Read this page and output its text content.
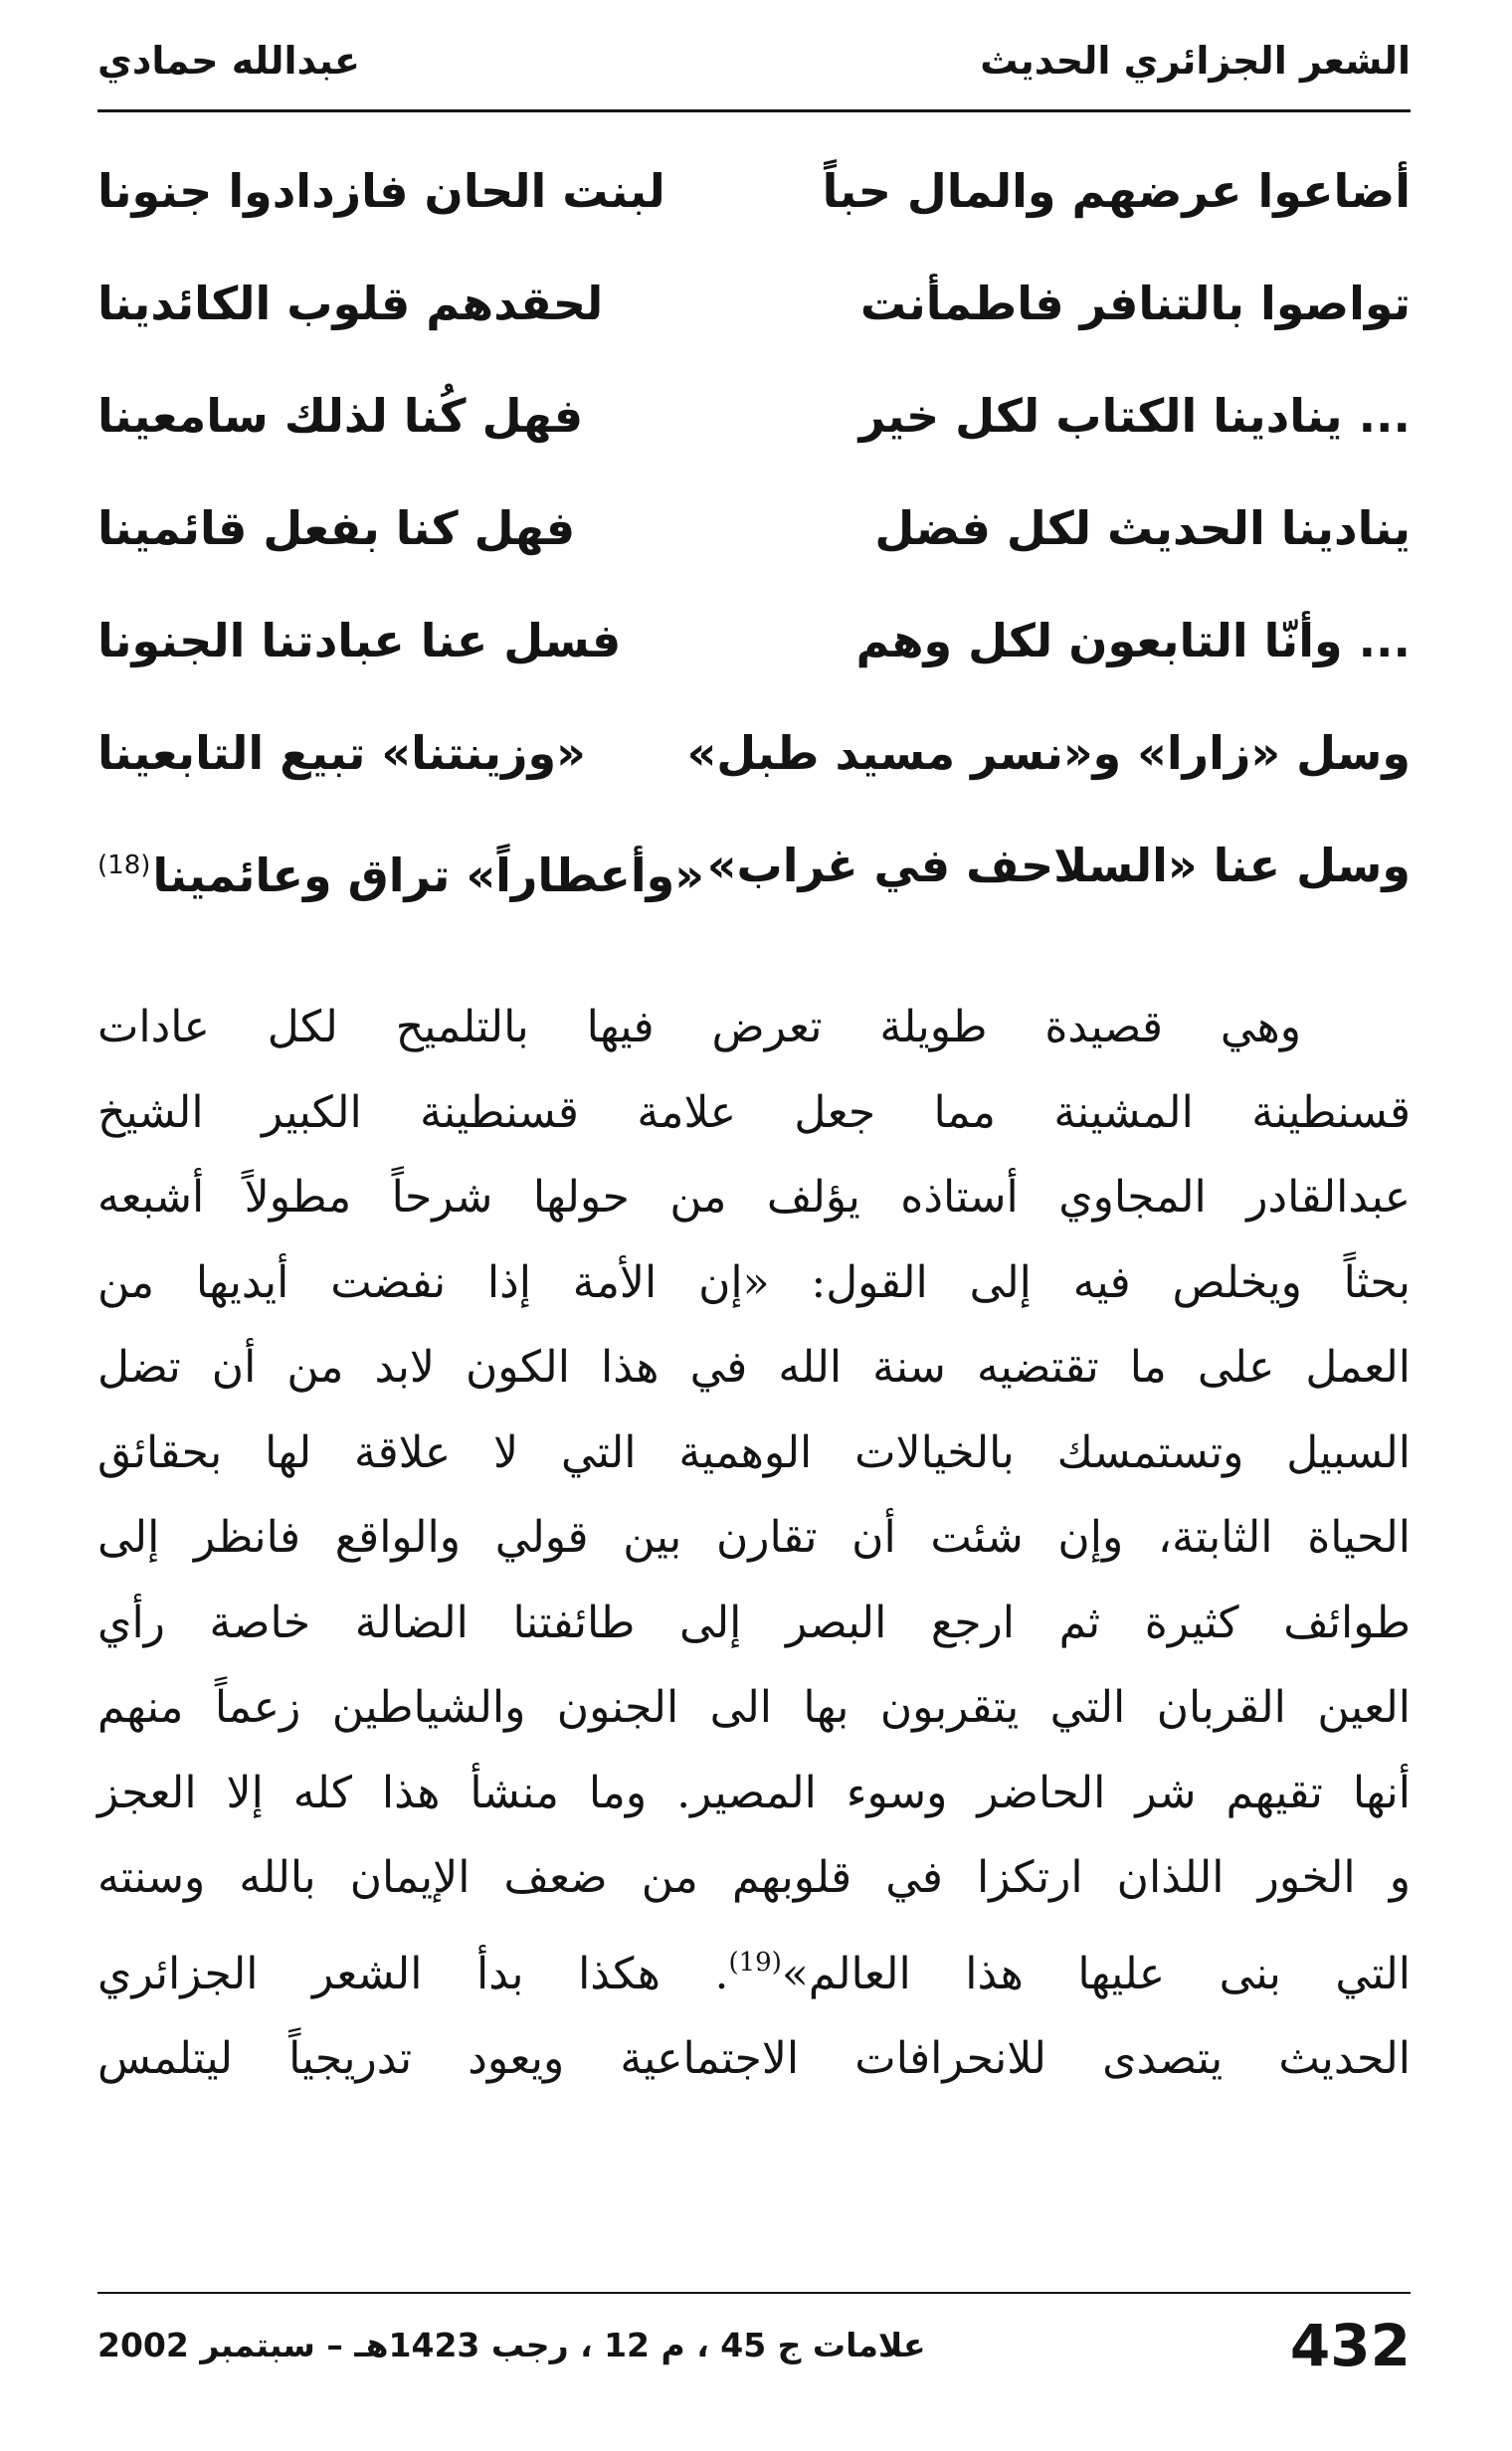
الشعر الجزائري الحديث
عبدالله حمادي
أضاعوا عرضهم والمال حباً
لبنت الحان فازدادوا جنونا
تواصوا بالتنافر فاطمأنت
لحقدهم قلوب الكائدينا
... ينادينا الكتاب لكل خير
فهل كُنا لذلك سامعينا
ينادينا الحديث لكل فضل
فهل كنا بفعل قائمينا
... وأنّا التابعون لكل وهم
فسل عنا عبادتنا الجنونا
وسل «زارا» و«نسر مسيد طبل»
«وزينتنا» تبيع التابعينا
وسل عنا «السلاحف في غراب»
«وأعطاراً» تراق وعائمينا$^{(18)}$

وهي قصيدة طويلة تعرض فيها بالتلميح لكل عادات

قسنطينة المشينة مما جعل علامة قسنطينة الكبير الشيخ

عبدالقادر المجاوي أستاذه يؤلف من حولها شرحاً مطولاً أشبعه

بحثاً ويخلص فيه إلى القول: «إن الأمة إذا نفضت أيديها من

العمل على ما تقتضيه سنة الله في هذا الكون لابد من أن تضل

السبيل وتستمسك بالخيالات الوهمية التي لا علاقة لها بحقائق

الحياة الثابتة، وإن شئت أن تقارن بين قولي والواقع فانظر إلى

طوائف كثيرة ثم ارجع البصر إلى طائفتنا الضالة خاصة رأي

العين القربان التي يتقربون بها الى الجنون والشياطين زعماً منهم

أنها تقيهم شر الحاضر وسوء المصير. وما منشأ هذا كله إلا العجز

و الخور اللذان ارتكزا في قلوبهم من ضعف الإيمان بالله وسنته

التي بنى عليها هذا العالم»$^{(19)}$. هكذا بدأ الشعر الجزائري

الحديث يتصدى للانحرافات الاجتماعية ويعود تدريجياً ليتلمس

432
علامات ج 45 ، م 12 ، رجب 1423هـ – سبتمبر 2002
